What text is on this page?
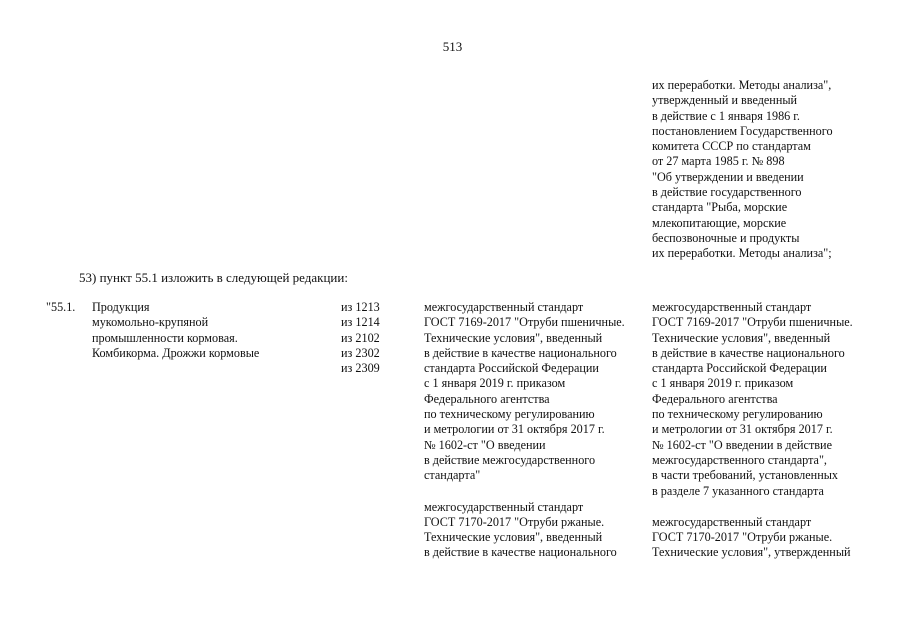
513
их переработки. Методы анализа",
утвержденный и введенный
в действие с 1 января 1986 г.
постановлением Государственного
комитета СССР по стандартам
от 27 марта 1985 г. № 898
"Об утверждении и введении
в действие государственного
стандарта "Рыба, морские
млекопитающие, морские
беспозвоночные и продукты
их переработки. Методы анализа";
53) пункт 55.1 изложить в следующей редакции:
"55.1. Продукция
мукомольно-крупяной
промышленности кормовая.
Комбикорма. Дрожжи кормовые
из 1213
из 1214
из 2102
из 2302
из 2309
межгосударственный стандарт
ГОСТ 7169-2017 "Отруби пшеничные.
Технические условия", введенный
в действие в качестве национального
стандарта Российской Федерации
с 1 января 2019 г. приказом
Федерального агентства
по техническому регулированию
и метрологии от 31 октября 2017 г.
№ 1602-ст "О введении
в действие межгосударственного
стандарта"
межгосударственный стандарт
ГОСТ 7170-2017 "Отруби ржаные.
Технические условия", введенный
в действие в качестве национального
межгосударственный стандарт
ГОСТ 7169-2017 "Отруби пшеничные.
Технические условия", введенный
в действие в качестве национального
стандарта Российской Федерации
с 1 января 2019 г. приказом
Федерального агентства
по техническому регулированию
и метрологии от 31 октября 2017 г.
№ 1602-ст "О введении в действие
межгосударственного стандарта",
в части требований, установленных
в разделе 7 указанного стандарта
межгосударственный стандарт
ГОСТ 7170-2017 "Отруби ржаные.
Технические условия", утвержденный
